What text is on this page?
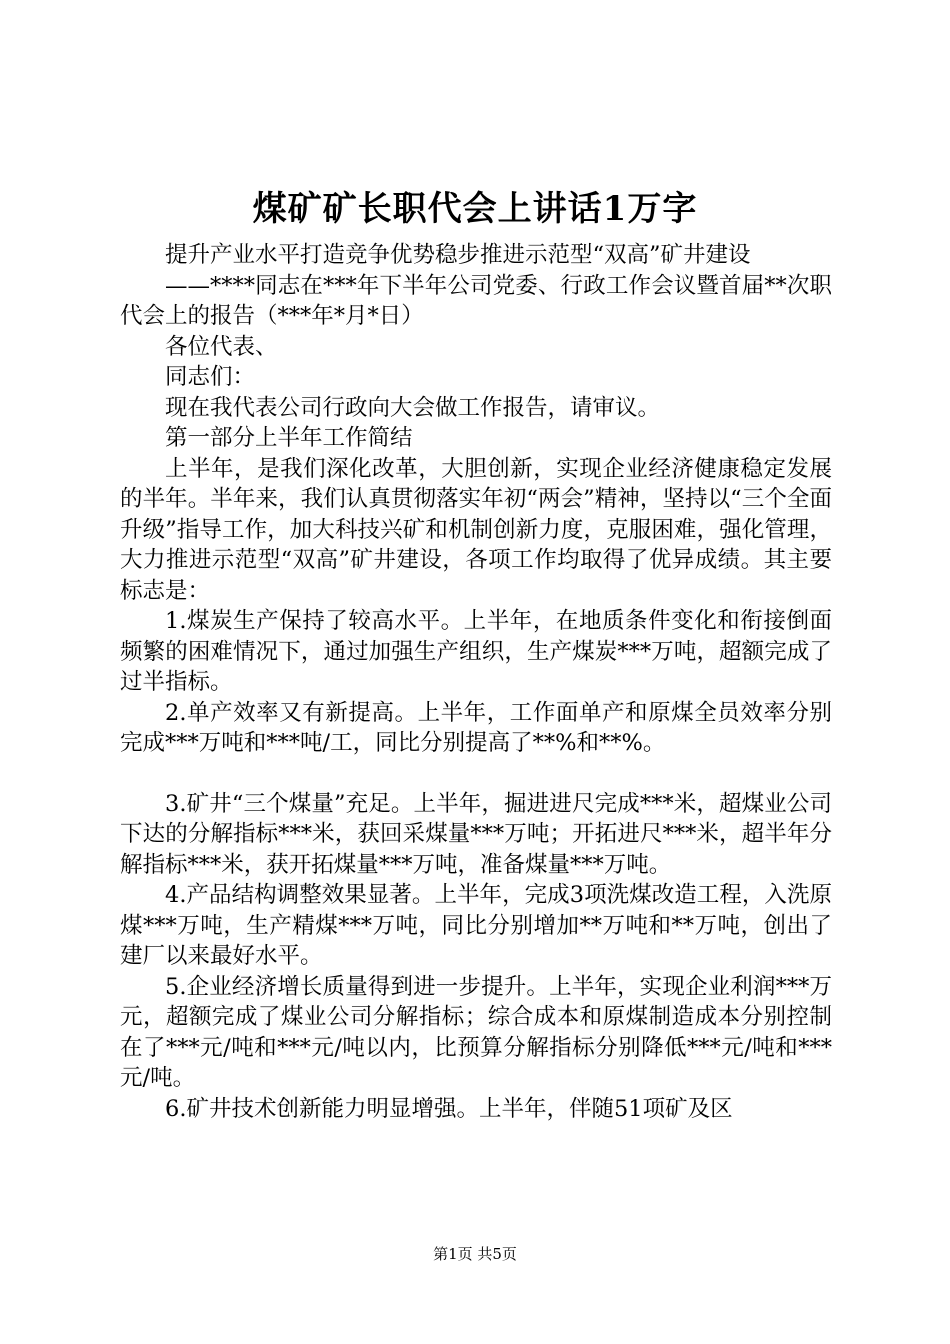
煤矿矿长职代会上讲话1万字

提升产业水平打造竞争优势稳步推进示范型“双高”矿井建设

——****同志在***年下半年公司党委、行政工作会议暨首届**次职代会上的报告（***年*月*日）

各位代表、

同志们：

现在我代表公司行政向大会做工作报告，请审议。

第一部分上半年工作简结

上半年，是我们深化改革，大胆创新，实现企业经济健康稳定发展的半年。半年来，我们认真贯彻落实年初“两会”精神，坚持以“三个全面升级”指导工作，加大科技兴矿和机制创新力度，克服困难，强化管理，大力推进示范型“双高”矿井建设，各项工作均取得了优异成绩。其主要标志是：

1.煤炭生产保持了较高水平。上半年，在地质条件变化和衔接倒面频繁的困难情况下，通过加强生产组织，生产煤炭***万吨，超额完成了过半指标。

2.单产效率又有新提高。上半年，工作面单产和原煤全员效率分别完成***万吨和***吨/工，同比分别提高了**%和**%。

3.矿井“三个煤量”充足。上半年，掘进进尺完成***米，超煤业公司下达的分解指标***米，获回采煤量***万吨；开拓进尺***米，超半年分解指标***米，获开拓煤量***万吨，准备煤量***万吨。

4.产品结构调整效果显著。上半年，完成3项洗煤改造工程，入洗原煤***万吨，生产精煤***万吨，同比分别增加**万吨和**万吨，创出了建厂以来最好水平。

5.企业经济增长质量得到进一步提升。上半年，实现企业利润***万元，超额完成了煤业公司分解指标；综合成本和原煤制造成本分别控制在了***元/吨和***元/吨以内，比预算分解指标分别降低***元/吨和***元/吨。

6.矿井技术创新能力明显增强。上半年，伴随51项矿及区

第1页 共5页
